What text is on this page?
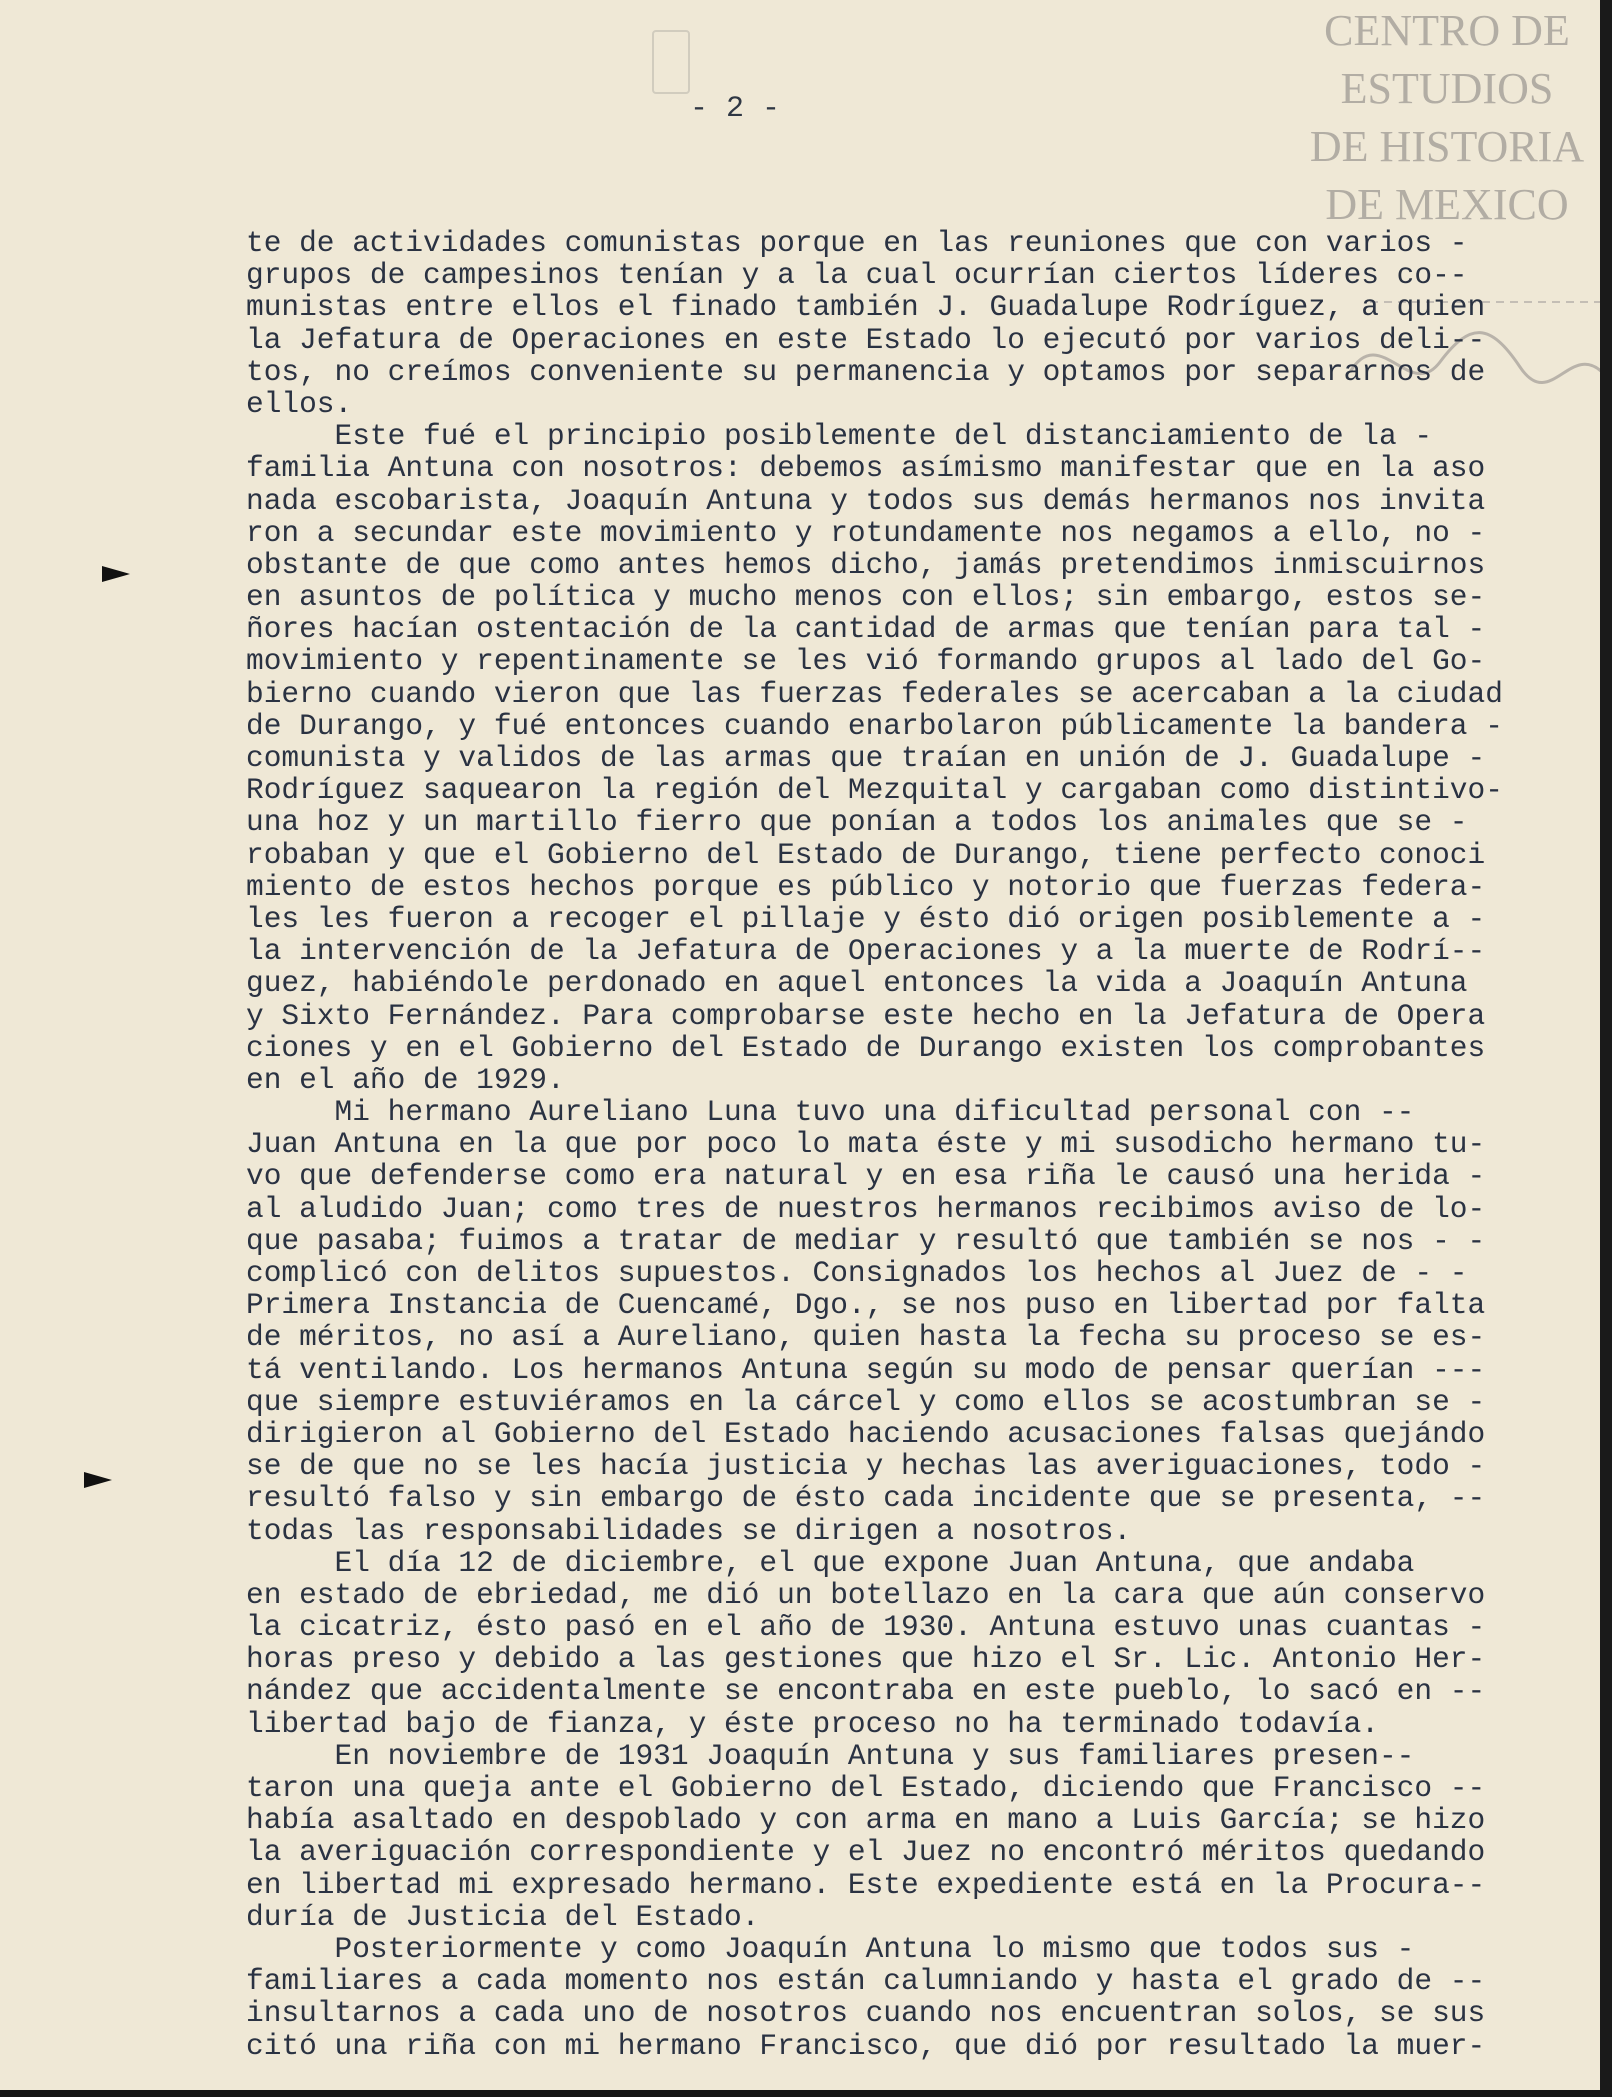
CENTRO DE
ESTUDIOS
DE HISTORIA
DE MEXICO
- 2 -
te de actividades comunistas porque en las reuniones que con varios -
grupos de campesinos tenían y a la cual ocurrían ciertos líderes co--
munistas entre ellos el finado también J. Guadalupe Rodríguez, a quien
la Jefatura de Operaciones en este Estado lo ejecutó por varios deli--
tos, no creímos conveniente su permanencia y optamos por separarnos de
ellos.
Este fué el principio posiblemente del distanciamiento de la -
familia Antuna con nosotros: debemos asímismo manifestar que en la aso
nada escobarista, Joaquín Antuna y todos sus demás hermanos nos invita
ron a secundar este movimiento y rotundamente nos negamos a ello, no -
obstante de que como antes hemos dicho, jamás pretendimos inmiscuirnos
en asuntos de política y mucho menos con ellos; sin embargo, estos se-
ñores hacían ostentación de la cantidad de armas que tenían para tal -
movimiento y repentinamente se les vió formando grupos al lado del Go-
bierno cuando vieron que las fuerzas federales se acercaban a la ciudad
de Durango, y fué entonces cuando enarbolaron públicamente la bandera -
comunista y validos de las armas que traían en unión de J. Guadalupe -
Rodríguez saquearon la región del Mezquital y cargaban como distintivo-
una hoz y un martillo fierro que ponían a todos los animales que se -
robaban y que el Gobierno del Estado de Durango, tiene perfecto conoci
miento de estos hechos porque es público y notorio que fuerzas federa-
les les fueron a recoger el pillaje y ésto dió origen posiblemente a -
la intervención de la Jefatura de Operaciones y a la muerte de Rodrí--
guez, habiéndole perdonado en aquel entonces la vida a Joaquín Antuna
y Sixto Fernández. Para comprobarse este hecho en la Jefatura de Opera
ciones y en el Gobierno del Estado de Durango existen los comprobantes
en el año de 1929.
Mi hermano Aureliano Luna tuvo una dificultad personal con --
Juan Antuna en la que por poco lo mata éste y mi susodicho hermano tu-
vo que defenderse como era natural y en esa riña le causó una herida -
al aludido Juan; como tres de nuestros hermanos recibimos aviso de lo-
que pasaba; fuimos a tratar de mediar y resultó que también se nos - -
complicó con delitos supuestos. Consignados los hechos al Juez de - -
Primera Instancia de Cuencamé, Dgo., se nos puso en libertad por falta
de méritos, no así a Aureliano, quien hasta la fecha su proceso se es-
tá ventilando. Los hermanos Antuna según su modo de pensar querían ---
que siempre estuviéramos en la cárcel y como ellos se acostumbran se -
dirigieron al Gobierno del Estado haciendo acusaciones falsas quejándo
se de que no se les hacía justicia y hechas las averiguaciones, todo -
resultó falso y sin embargo de ésto cada incidente que se presenta, --
todas las responsabilidades se dirigen a nosotros.
El día 12 de diciembre, el que expone Juan Antuna, que andaba
en estado de ebriedad, me dió un botellazo en la cara que aún conservo
la cicatriz, ésto pasó en el año de 1930. Antuna estuvo unas cuantas -
horas preso y debido a las gestiones que hizo el Sr. Lic. Antonio Her-
nández que accidentalmente se encontraba en este pueblo, lo sacó en --
libertad bajo de fianza, y éste proceso no ha terminado todavía.
En noviembre de 1931 Joaquín Antuna y sus familiares presen--
taron una queja ante el Gobierno del Estado, diciendo que Francisco --
había asaltado en despoblado y con arma en mano a Luis García; se hizo
la averiguación correspondiente y el Juez no encontró méritos quedando
en libertad mi expresado hermano. Este expediente está en la Procura--
duría de Justicia del Estado.
Posteriormente y como Joaquín Antuna lo mismo que todos sus -
familiares a cada momento nos están calumniando y hasta el grado de --
insultarnos a cada uno de nosotros cuando nos encuentran solos, se sus
citó una riña con mi hermano Francisco, que dió por resultado la muer-
